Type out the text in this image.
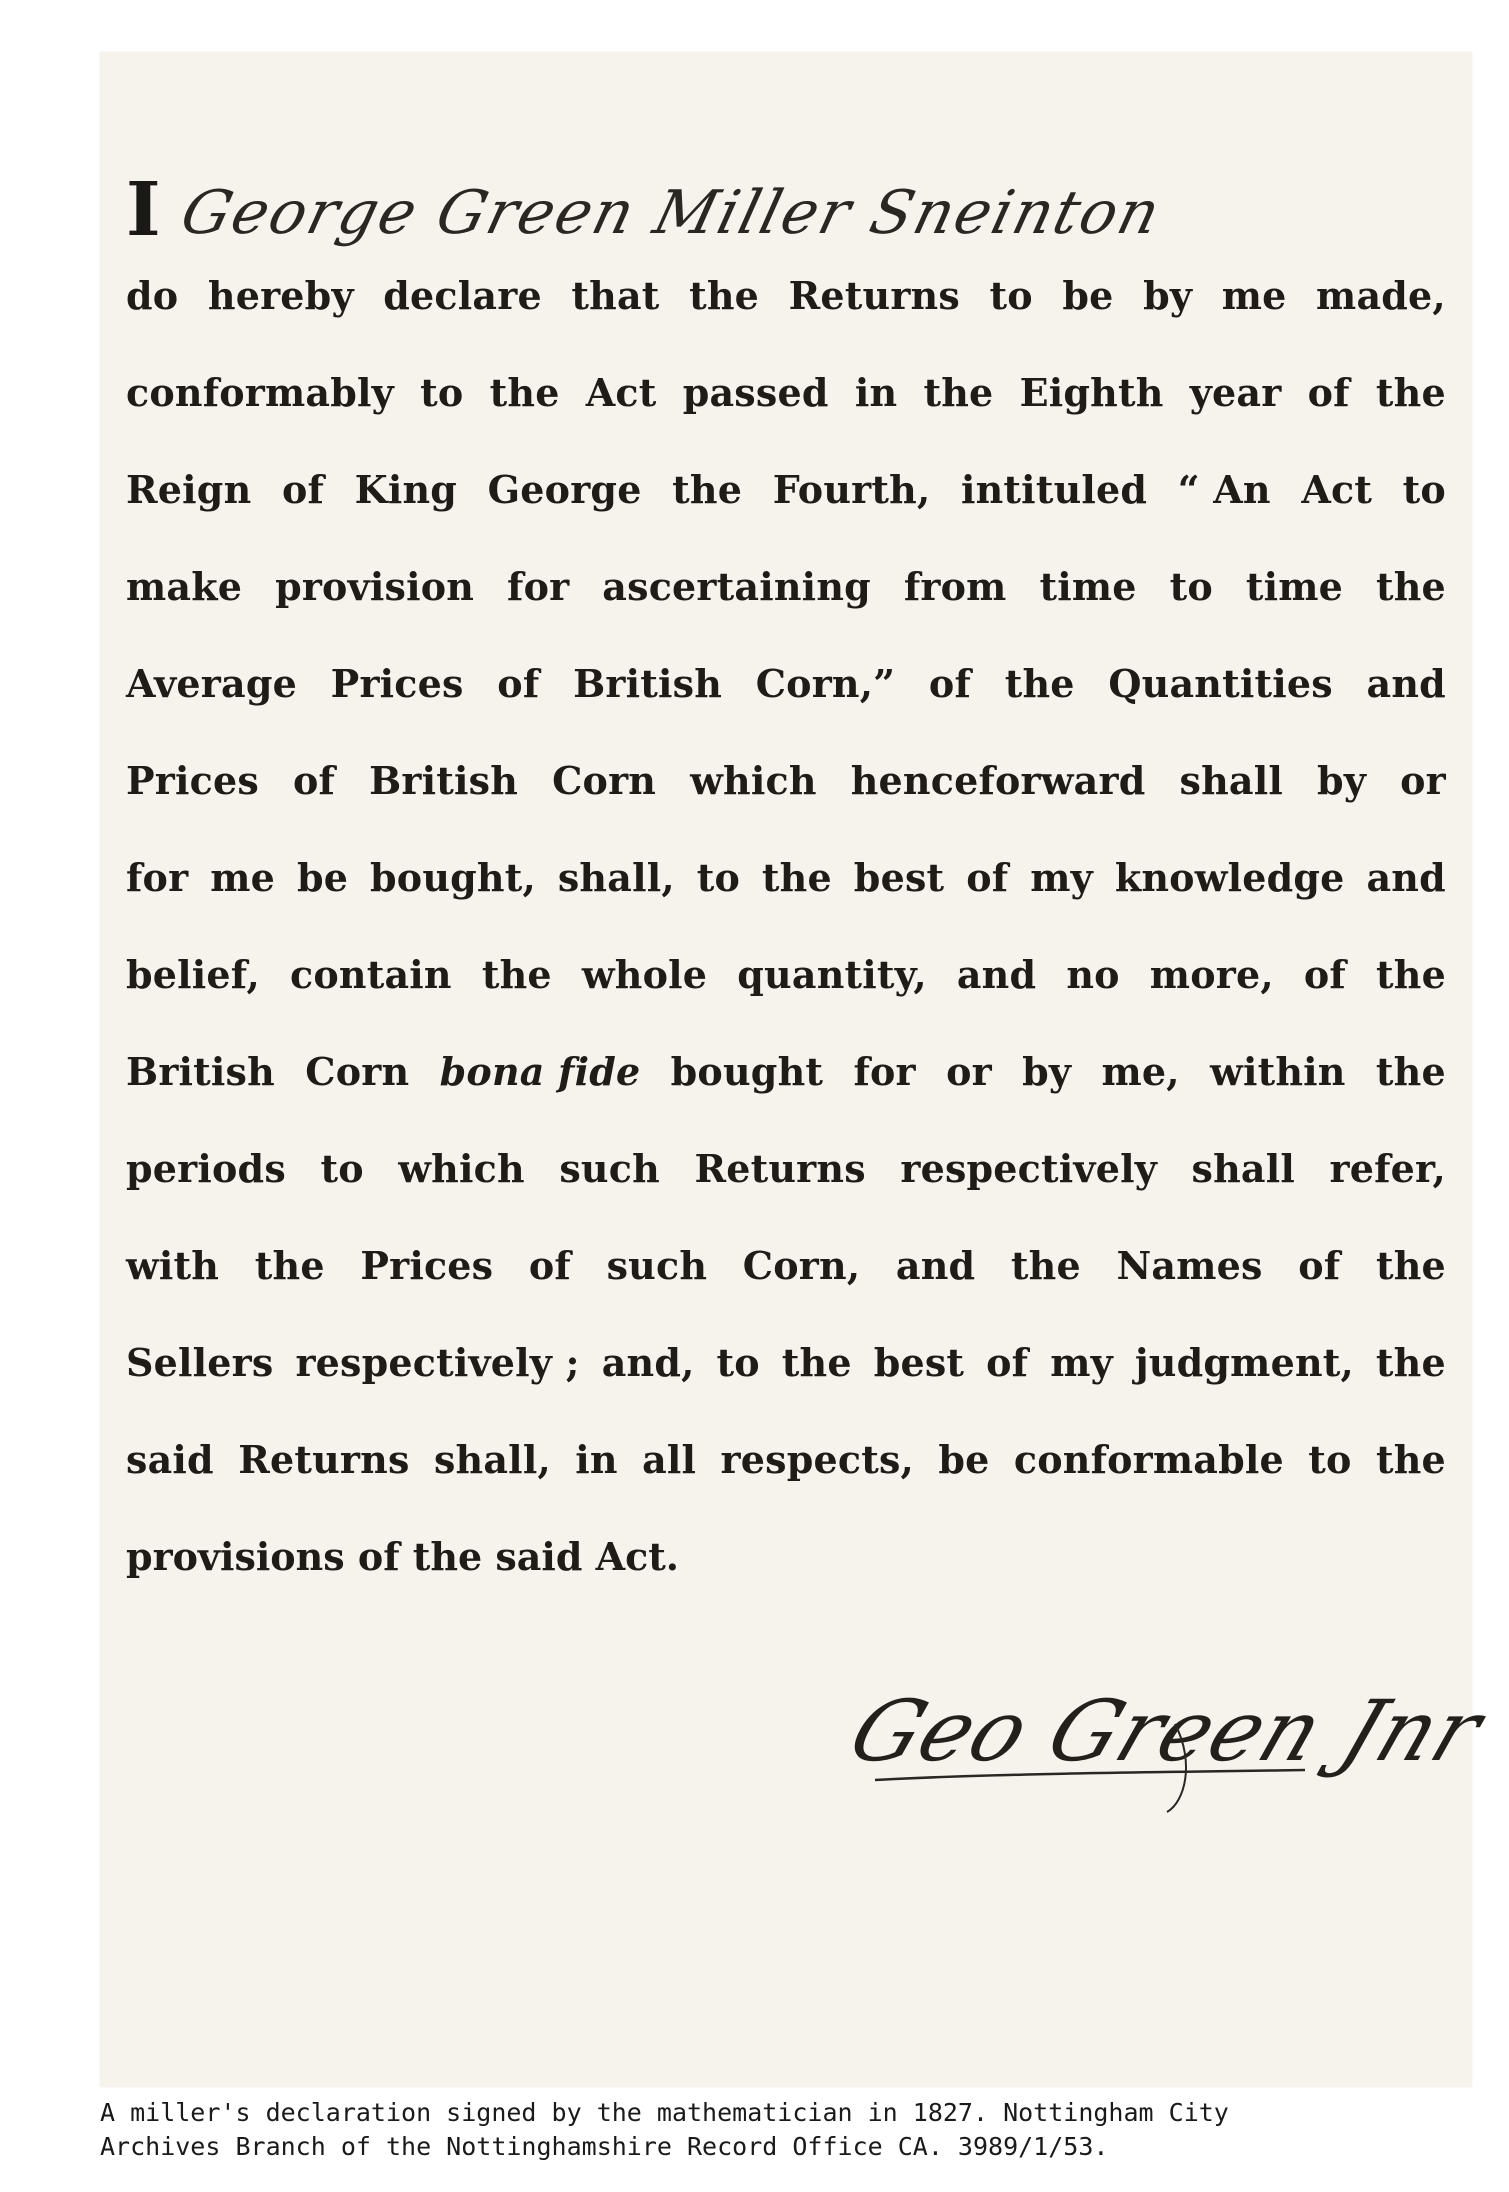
I George Green Miller Sneinton
do hereby declare that the Returns to be by me made,
conformably to the Act passed in the Eighth year of the
Reign of King George the Fourth, intituled “ An Act to
make provision for ascertaining from time to time the
Average Prices of British Corn,” of the Quantities and
Prices of British Corn which henceforward shall by or
for me be bought, shall, to the best of my knowledge and
belief, contain the whole quantity, and no more, of the
British Corn bona fide bought for or by me, within the
periods to which such Returns respectively shall refer,
with the Prices of such Corn, and the Names of the
Sellers respectively ; and, to the best of my judgment, the
said Returns shall, in all respects, be conformable to the
provisions of the said Act.
Geo Green Jnr
A miller's declaration signed by the mathematician in 1827. Nottingham City
Archives Branch of the Nottinghamshire Record Office CA. 3989/1/53.
